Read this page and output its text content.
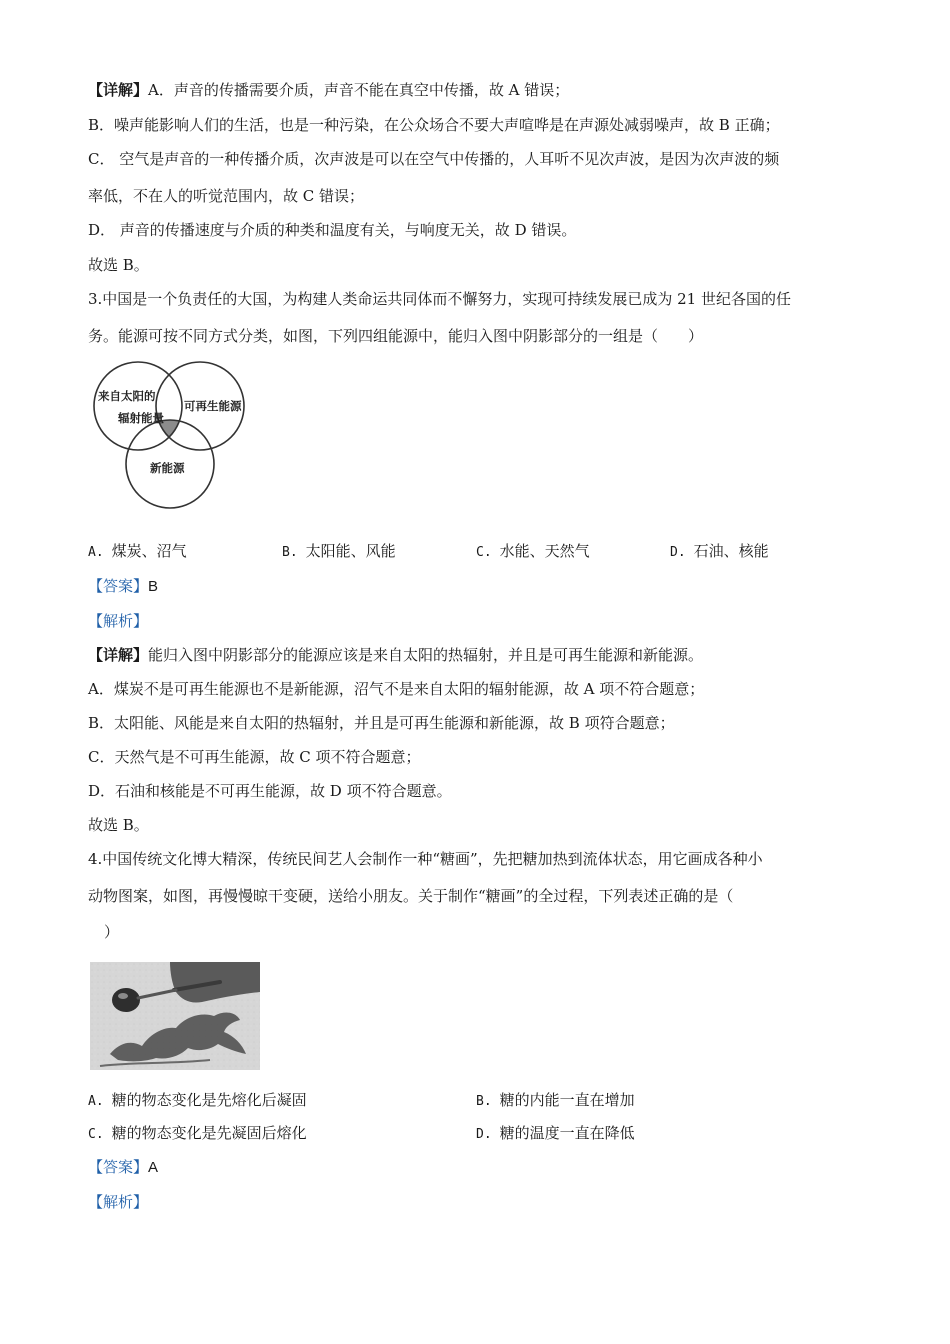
【详解】A．声音的传播需要介质，声音不能在真空中传播，故 A 错误；
B．噪声能影响人们的生活，也是一种污染，在公众场合不要大声喧哗是在声源处减弱噪声，故 B 正确；
C． 空气是声音的一种传播介质，次声波是可以在空气中传播的，人耳听不见次声波，是因为次声波的频
率低，不在人的听觉范围内，故 C 错误；
D． 声音的传播速度与介质的种类和温度有关，与响度无关，故 D 错误。
故选 B。
3.中国是一个负责任的大国，为构建人类命运共同体而不懈努力，实现可持续发展已成为 21 世纪各国的任
务。能源可按不同方式分类，如图，下列四组能源中，能归入图中阴影部分的一组是（　　）
来自太阳的
辐射能量
可再生能源
新能源
A. 煤炭、沼气	B. 太阳能、风能	C. 水能、天然气	D. 石油、核能
【答案】B
【解析】
【详解】能归入图中阴影部分的能源应该是来自太阳的热辐射，并且是可再生能源和新能源。
A．煤炭不是可再生能源也不是新能源，沼气不是来自太阳的辐射能源，故 A 项不符合题意；
B．太阳能、风能是来自太阳的热辐射，并且是可再生能源和新能源，故 B 项符合题意；
C．天然气是不可再生能源，故 C 项不符合题意；
D．石油和核能是不可再生能源，故 D 项不符合题意。
故选 B。
4.中国传统文化博大精深，传统民间艺人会制作一种“糖画”，先把糖加热到流体状态，用它画成各种小
动物图案，如图，再慢慢晾干变硬，送给小朋友。关于制作“糖画”的全过程，下列表述正确的是（
）
A. 糖的物态变化是先熔化后凝固	B. 糖的内能一直在增加
C. 糖的物态变化是先凝固后熔化	D. 糖的温度一直在降低
【答案】A
【解析】
